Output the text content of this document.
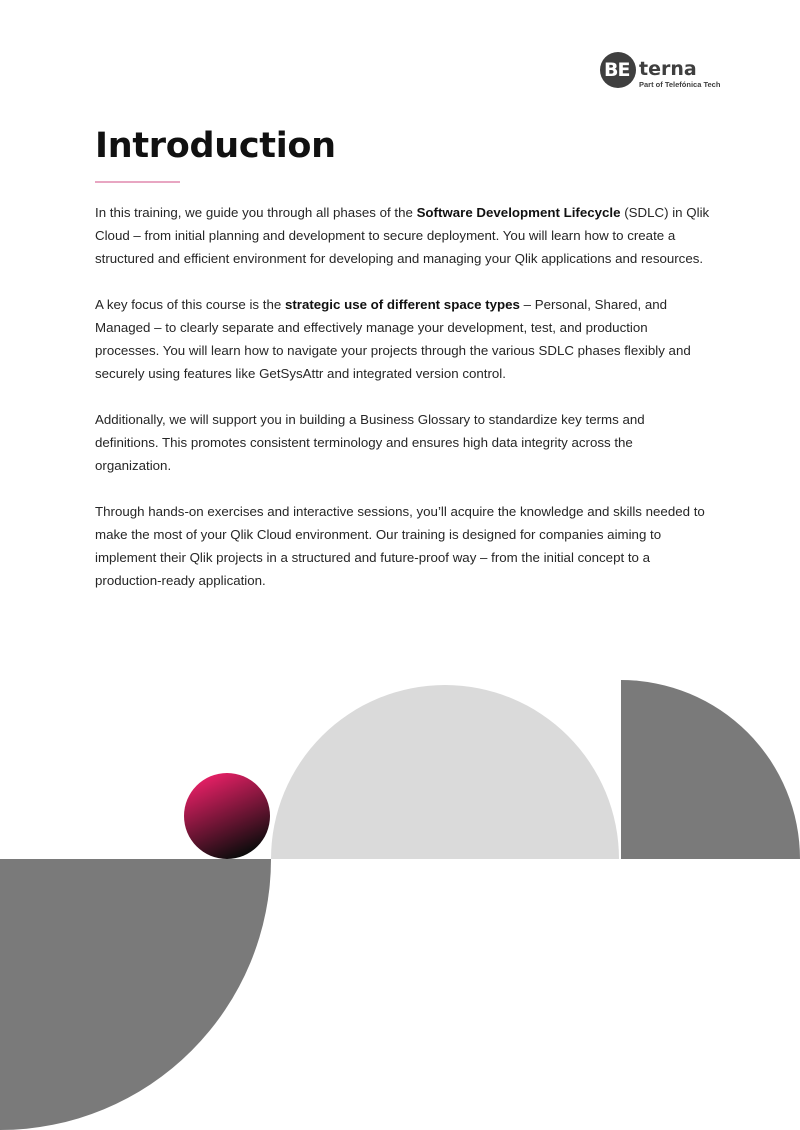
BE terna
Part of Telefónica Tech
Introduction

In this training, we guide you through all phases of the Software Development Lifecycle (SDLC) in Qlik Cloud – from initial planning and development to secure deployment. You will learn how to create a structured and efficient environment for developing and managing your Qlik applications and resources.

A key focus of this course is the strategic use of different space types – Personal, Shared, and Managed – to clearly separate and effectively manage your development, test, and production processes. You will learn how to navigate your projects through the various SDLC phases flexibly and securely using features like GetSysAttr and integrated version control.

Additionally, we will support you in building a Business Glossary to standardize key terms and definitions. This promotes consistent terminology and ensures high data integrity across the organization.

Through hands-on exercises and interactive sessions, you’ll acquire the knowledge and skills needed to make the most of your Qlik Cloud environment. Our training is designed for companies aiming to implement their Qlik projects in a structured and future-proof way – from the initial concept to a production-ready application.
